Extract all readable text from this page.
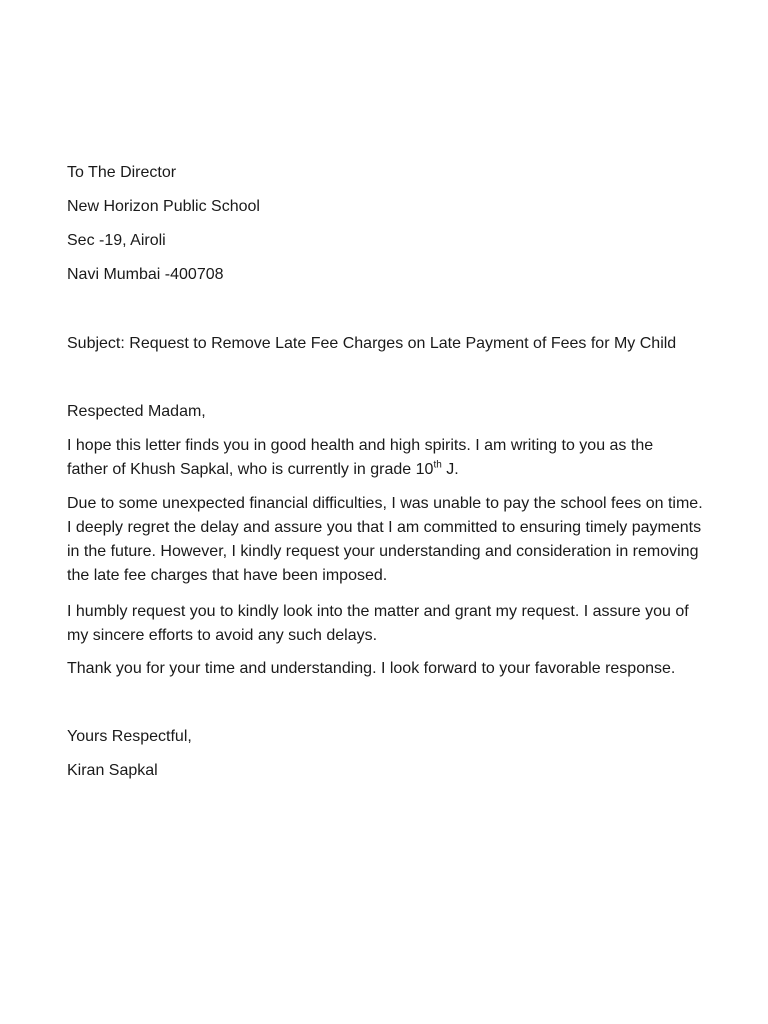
To The Director
New Horizon Public School
Sec -19, Airoli
Navi Mumbai -400708
Subject: Request to Remove Late Fee Charges on Late Payment of Fees for My Child
Respected Madam,
I hope this letter finds you in good health and high spirits. I am writing to you as the
father of Khush Sapkal, who is currently in grade 10th J.
Due to some unexpected financial difficulties, I was unable to pay the school fees on time. I deeply regret the delay and assure you that I am committed to ensuring timely payments in the future. However, I kindly request your understanding and consideration in removing the late fee charges that have been imposed.
I humbly request you to kindly look into the matter and grant my request. I assure you of my sincere efforts to avoid any such delays.
Thank you for your time and understanding. I look forward to your favorable response.
Yours Respectful,
Kiran Sapkal
